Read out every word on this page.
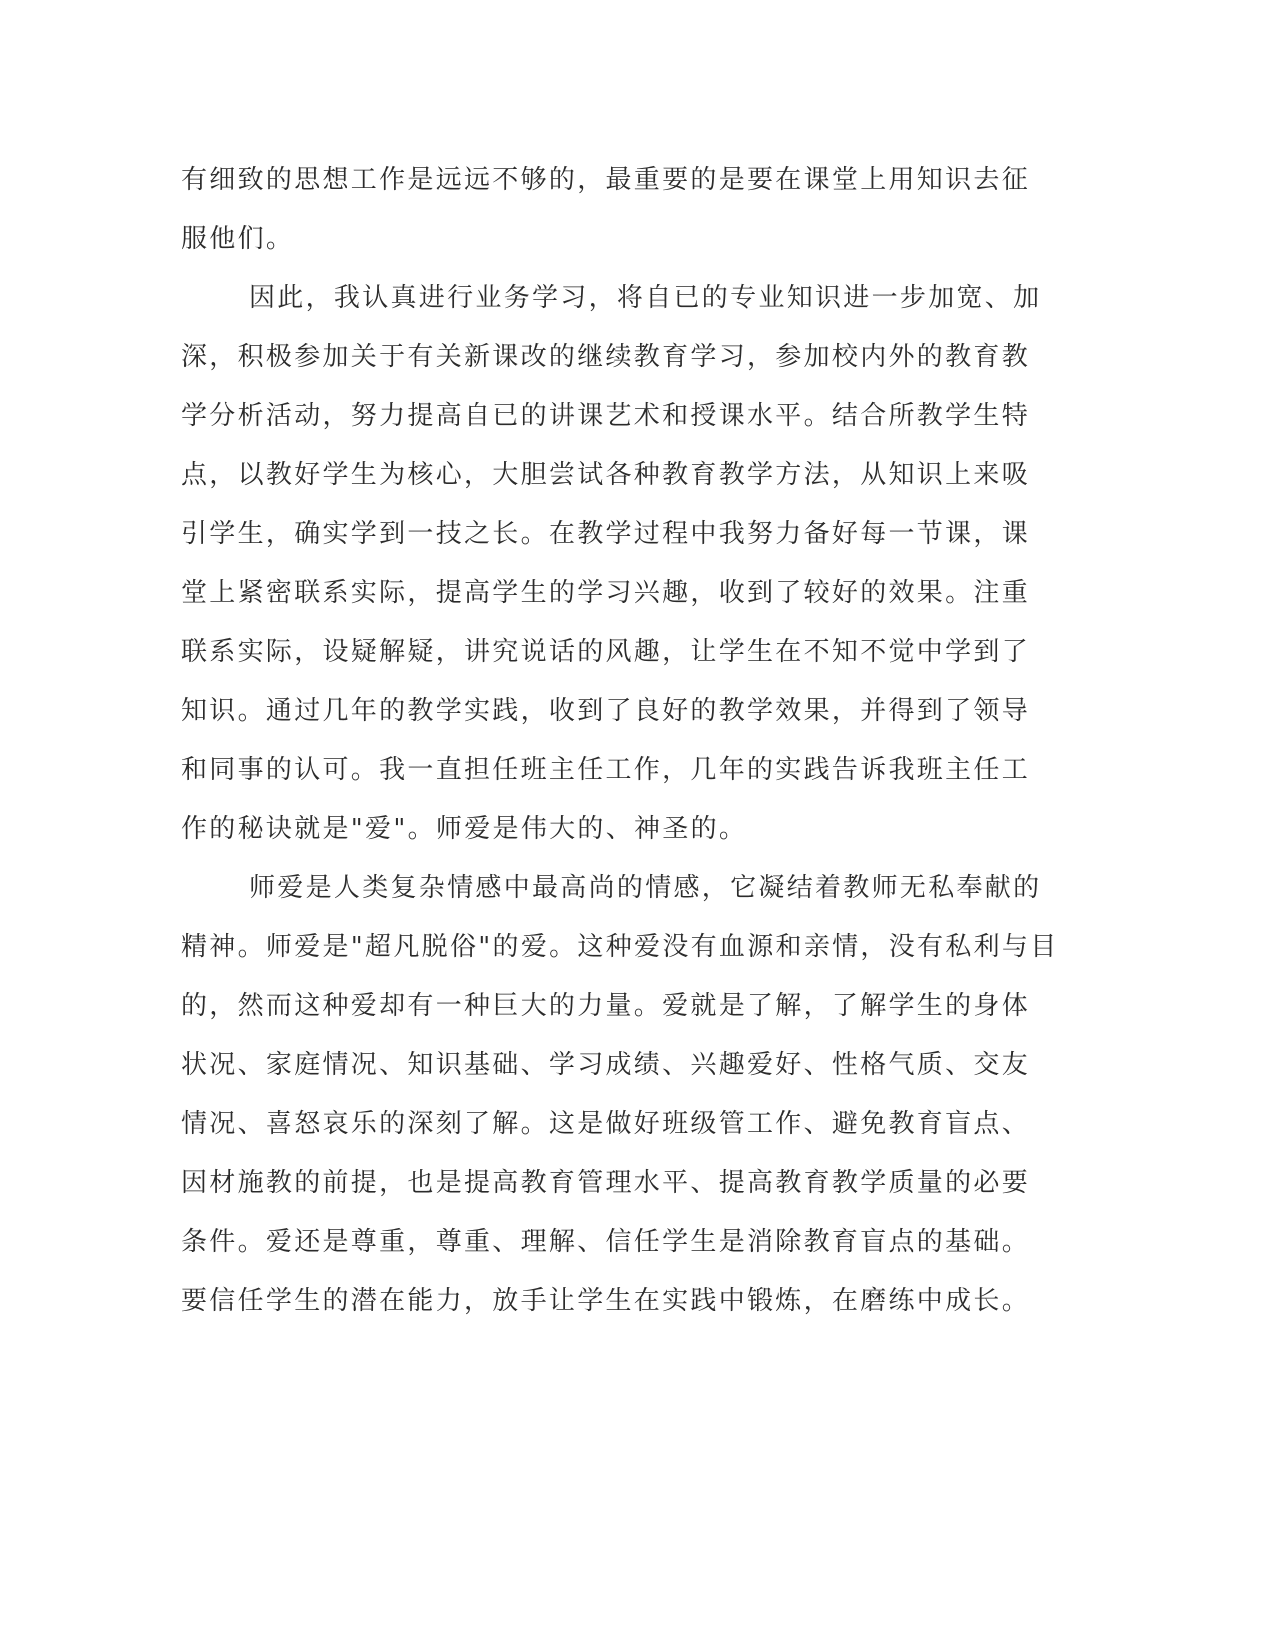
有细致的思想工作是远远不够的，最重要的是要在课堂上用知识去征
服他们。
因此，我认真进行业务学习，将自已的专业知识进一步加宽、加
深，积极参加关于有关新课改的继续教育学习，参加校内外的教育教
学分析活动，努力提高自已的讲课艺术和授课水平。结合所教学生特
点，以教好学生为核心，大胆尝试各种教育教学方法，从知识上来吸
引学生，确实学到一技之长。在教学过程中我努力备好每一节课，课
堂上紧密联系实际，提高学生的学习兴趣，收到了较好的效果。注重
联系实际，设疑解疑，讲究说话的风趣，让学生在不知不觉中学到了
知识。通过几年的教学实践，收到了良好的教学效果，并得到了领导
和同事的认可。我一直担任班主任工作，几年的实践告诉我班主任工
作的秘诀就是"爱"。师爱是伟大的、神圣的。
师爱是人类复杂情感中最高尚的情感，它凝结着教师无私奉献的
精神。师爱是"超凡脱俗"的爱。这种爱没有血源和亲情，没有私利与目
的，然而这种爱却有一种巨大的力量。爱就是了解，了解学生的身体
状况、家庭情况、知识基础、学习成绩、兴趣爱好、性格气质、交友
情况、喜怒哀乐的深刻了解。这是做好班级管工作、避免教育盲点、
因材施教的前提，也是提高教育管理水平、提高教育教学质量的必要
条件。爱还是尊重，尊重、理解、信任学生是消除教育盲点的基础。
要信任学生的潜在能力，放手让学生在实践中锻炼，在磨练中成长。
